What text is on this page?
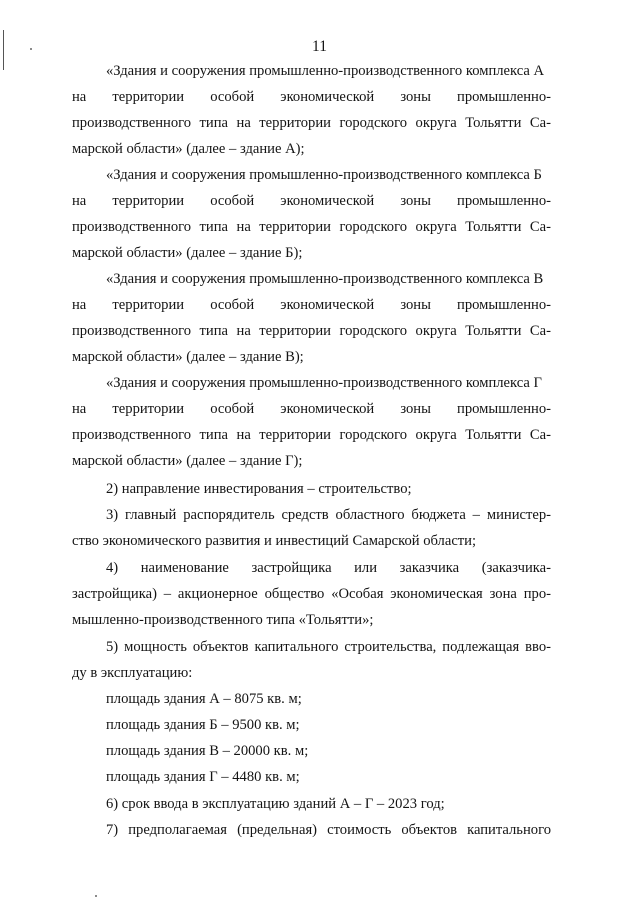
11
«Здания и сооружения промышленно-производственного комплекса А
на территории особой экономической зоны промышленно-
производственного типа на территории городского округа Тольятти Са-
марской области» (далее – здание А);
«Здания и сооружения промышленно-производственного комплекса Б
на территории особой экономической зоны промышленно-
производственного типа на территории городского округа Тольятти Са-
марской области» (далее – здание Б);
«Здания и сооружения промышленно-производственного комплекса В
на территории особой экономической зоны промышленно-
производственного типа на территории городского округа Тольятти Са-
марской области» (далее – здание В);
«Здания и сооружения промышленно-производственного комплекса Г
на территории особой экономической зоны промышленно-
производственного типа на территории городского округа Тольятти Са-
марской области» (далее – здание Г);
2) направление инвестирования – строительство;
3) главный распорядитель средств областного бюджета – министер-
ство экономического развития и инвестиций Самарской области;
4) наименование застройщика или заказчика (заказчика-
застройщика) – акционерное общество «Особая экономическая зона про-
мышленно-производственного типа «Тольятти»;
5) мощность объектов капитального строительства, подлежащая вво-
ду в эксплуатацию:
площадь здания А – 8075 кв. м;
площадь здания Б – 9500 кв. м;
площадь здания В – 20000 кв. м;
площадь здания Г – 4480 кв. м;
6) срок ввода в эксплуатацию зданий А – Г – 2023 год;
7) предполагаемая (предельная) стоимость объектов капитального
